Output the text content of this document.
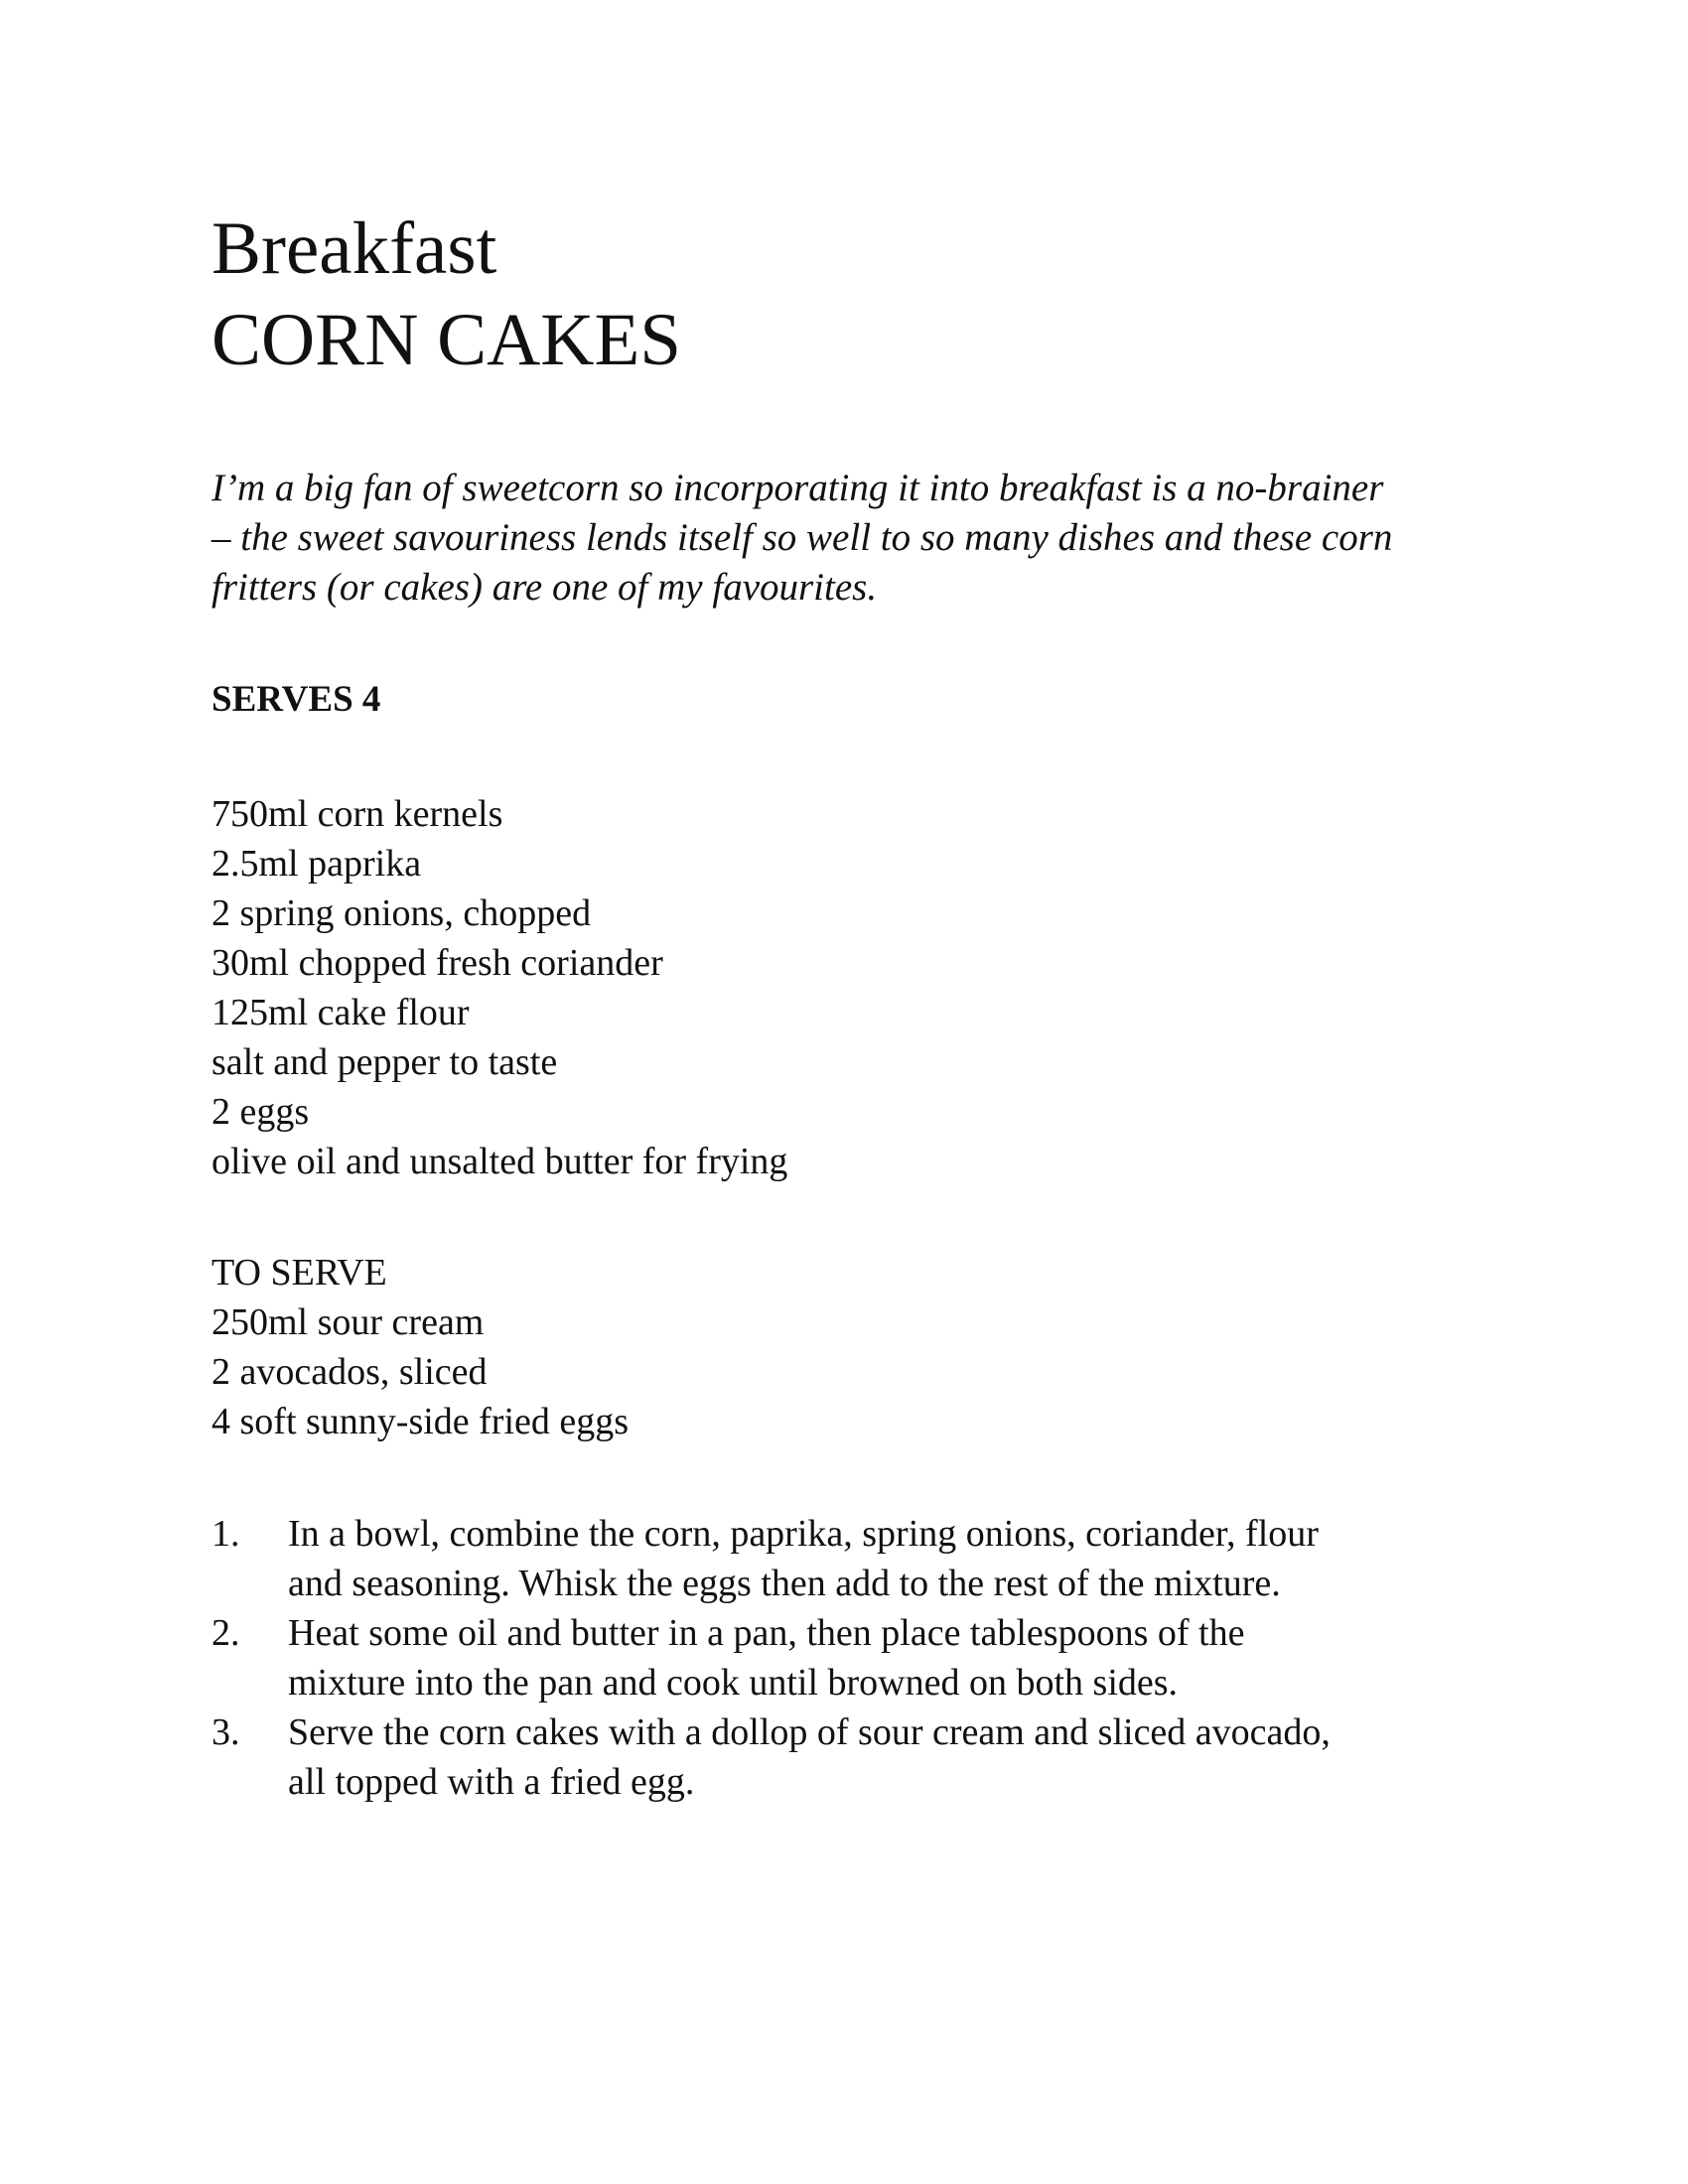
Breakfast
CORN CAKES

I’m a big fan of sweetcorn so incorporating it into breakfast is a no-brainer
– the sweet savouriness lends itself so well to so many dishes and these corn
fritters (or cakes) are one of my favourites.

SERVES 4

750ml corn kernels
2.5ml paprika
2 spring onions, chopped
30ml chopped fresh coriander
125ml cake flour
salt and pepper to taste
2 eggs
olive oil and unsalted butter for frying
TO SERVE
250ml sour cream
2 avocados, sliced
4 soft sunny-side fried eggs
1. In a bowl, combine the corn, paprika, spring onions, coriander, flour
and seasoning. Whisk the eggs then add to the rest of the mixture.
2. Heat some oil and butter in a pan, then place tablespoons of the
mixture into the pan and cook until browned on both sides.
3. Serve the corn cakes with a dollop of sour cream and sliced avocado,
all topped with a fried egg.
